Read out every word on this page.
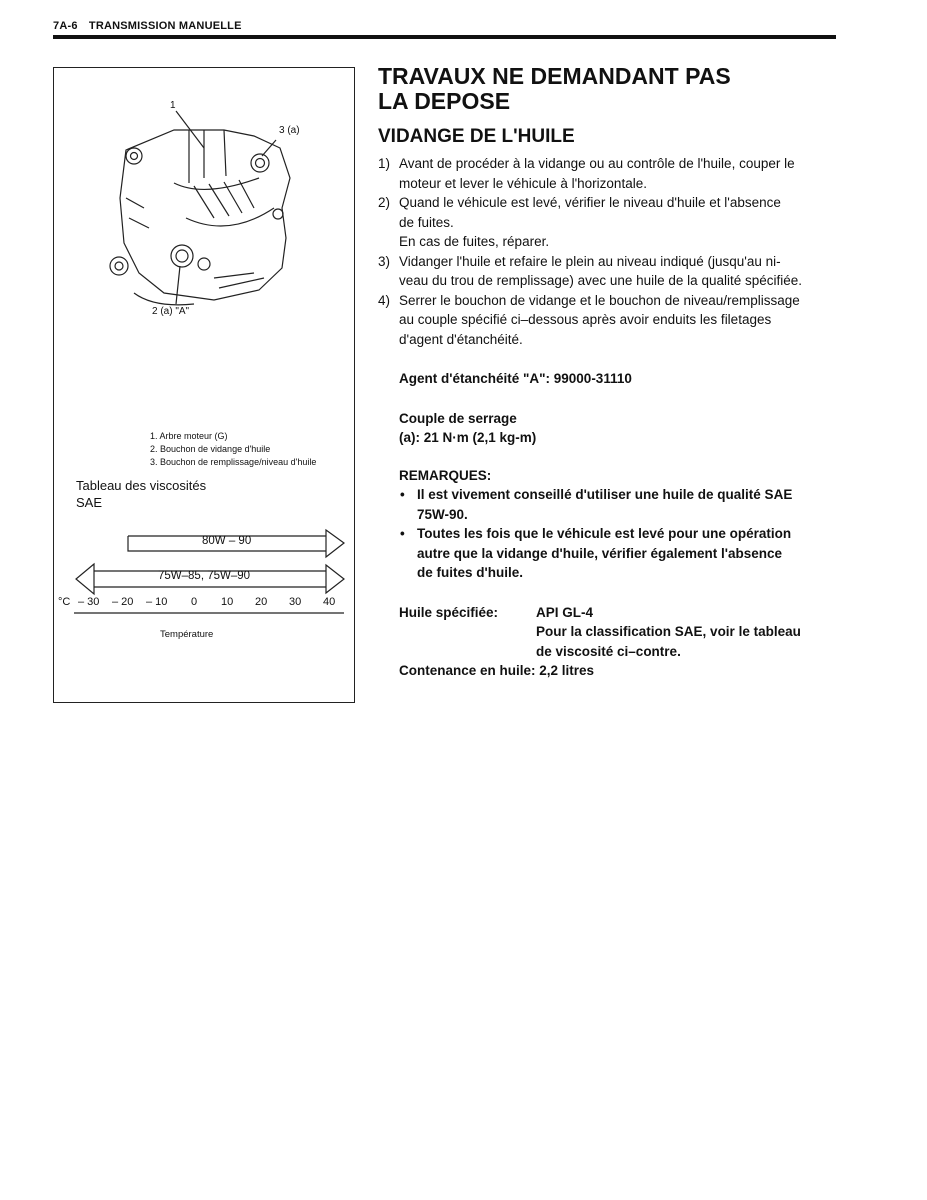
7A-6 TRANSMISSION MANUELLE
1
3 (a)
2 (a) "A"
1. Arbre moteur (G)
2. Bouchon de vidange d'huile
3. Bouchon de remplissage/niveau d'huile
Tableau des viscosités
SAE
80W – 90
75W–85, 75W–90
°C – 30 – 20 – 10 0 10 20 30 40
Température
TRAVAUX NE DEMANDANT PAS
LA DEPOSE
VIDANGE DE L'HUILE
1) Avant de procéder à la vidange ou au contrôle de l'huile, couper le
moteur et lever le véhicule à l'horizontale.
2) Quand le véhicule est levé, vérifier le niveau d'huile et l'absence
de fuites.
En cas de fuites, réparer.
3) Vidanger l'huile et refaire le plein au niveau indiqué (jusqu'au ni-
veau du trou de remplissage) avec une huile de la qualité spécifiée.
4) Serrer le bouchon de vidange et le bouchon de niveau/remplissage
au couple spécifié ci–dessous après avoir enduits les filetages
d'agent d'étanchéité.
Agent d'étanchéité "A": 99000-31110
Couple de serrage
(a): 21 N·m (2,1 kg-m)
REMARQUES:
• Il est vivement conseillé d'utiliser une huile de qualité SAE
75W-90.
• Toutes les fois que le véhicule est levé pour une opération
autre que la vidange d'huile, vérifier également l'absence
de fuites d'huile.
Huile spécifiée:	API GL-4
Pour la classification SAE, voir le tableau
de viscosité ci–contre.
Contenance en huile: 2,2 litres
